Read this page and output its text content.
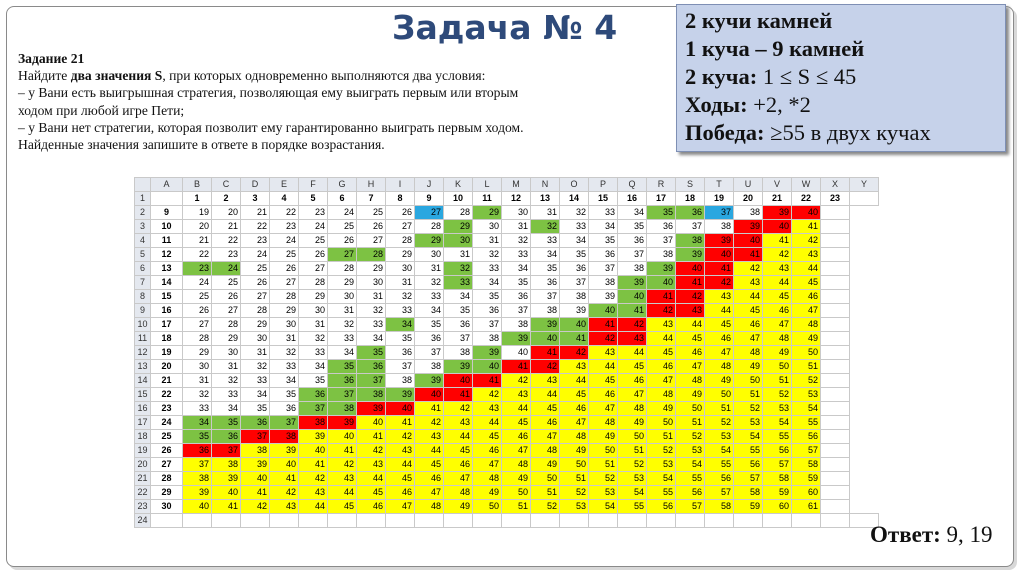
Задача № 4
Задание 21
Найдите два значения S, при которых одновременно выполняются два условия:
– у Вани есть выигрышная стратегия, позволяющая ему выиграть первым или вторым
ходом при любой игре Пети;
– у Вани нет стратегии, которая позволит ему гарантированно выиграть первым ходом.
Найденные значения запишите в ответе в порядке возрастания.
2 кучи камней
1 куча – 9 камней
2 куча: 1 ≤ S ≤ 45
Ходы: +2, *2
Победа: ≥55 в двух кучах
	A	B	C	D	E	F	G	H	I	J	K	L	M	N	O	P	Q	R	S	T	U	V	W	X	Y
1		1	2	3	4	5	6	7	8	9	10	11	12	13	14	15	16	17	18	19	20	21	22	23	
2	9	19	20	21	22	23	24	25	26	27	28	29	30	31	32	33	34	35	36	37	38	39	40		
3	10	20	21	22	23	24	25	26	27	28	29	30	31	32	33	34	35	36	37	38	39	40	41		
4	11	21	22	23	24	25	26	27	28	29	30	31	32	33	34	35	36	37	38	39	40	41	42		
5	12	22	23	24	25	26	27	28	29	30	31	32	33	34	35	36	37	38	39	40	41	42	43		
6	13	23	24	25	26	27	28	29	30	31	32	33	34	35	36	37	38	39	40	41	42	43	44		
7	14	24	25	26	27	28	29	30	31	32	33	34	35	36	37	38	39	40	41	42	43	44	45		
8	15	25	26	27	28	29	30	31	32	33	34	35	36	37	38	39	40	41	42	43	44	45	46		
9	16	26	27	28	29	30	31	32	33	34	35	36	37	38	39	40	41	42	43	44	45	46	47		
10	17	27	28	29	30	31	32	33	34	35	36	37	38	39	40	41	42	43	44	45	46	47	48		
11	18	28	29	30	31	32	33	34	35	36	37	38	39	40	41	42	43	44	45	46	47	48	49		
12	19	29	30	31	32	33	34	35	36	37	38	39	40	41	42	43	44	45	46	47	48	49	50		
13	20	30	31	32	33	34	35	36	37	38	39	40	41	42	43	44	45	46	47	48	49	50	51		
14	21	31	32	33	34	35	36	37	38	39	40	41	42	43	44	45	46	47	48	49	50	51	52		
15	22	32	33	34	35	36	37	38	39	40	41	42	43	44	45	46	47	48	49	50	51	52	53		
16	23	33	34	35	36	37	38	39	40	41	42	43	44	45	46	47	48	49	50	51	52	53	54		
17	24	34	35	36	37	38	39	40	41	42	43	44	45	46	47	48	49	50	51	52	53	54	55		
18	25	35	36	37	38	39	40	41	42	43	44	45	46	47	48	49	50	51	52	53	54	55	56		
19	26	36	37	38	39	40	41	42	43	44	45	46	47	48	49	50	51	52	53	54	55	56	57		
20	27	37	38	39	40	41	42	43	44	45	46	47	48	49	50	51	52	53	54	55	56	57	58		
21	28	38	39	40	41	42	43	44	45	46	47	48	49	50	51	52	53	54	55	56	57	58	59		
22	29	39	40	41	42	43	44	45	46	47	48	49	50	51	52	53	54	55	56	57	58	59	60		
23	30	40	41	42	43	44	45	46	47	48	49	50	51	52	53	54	55	56	57	58	59	60	61		
24																									
Ответ: 9, 19
